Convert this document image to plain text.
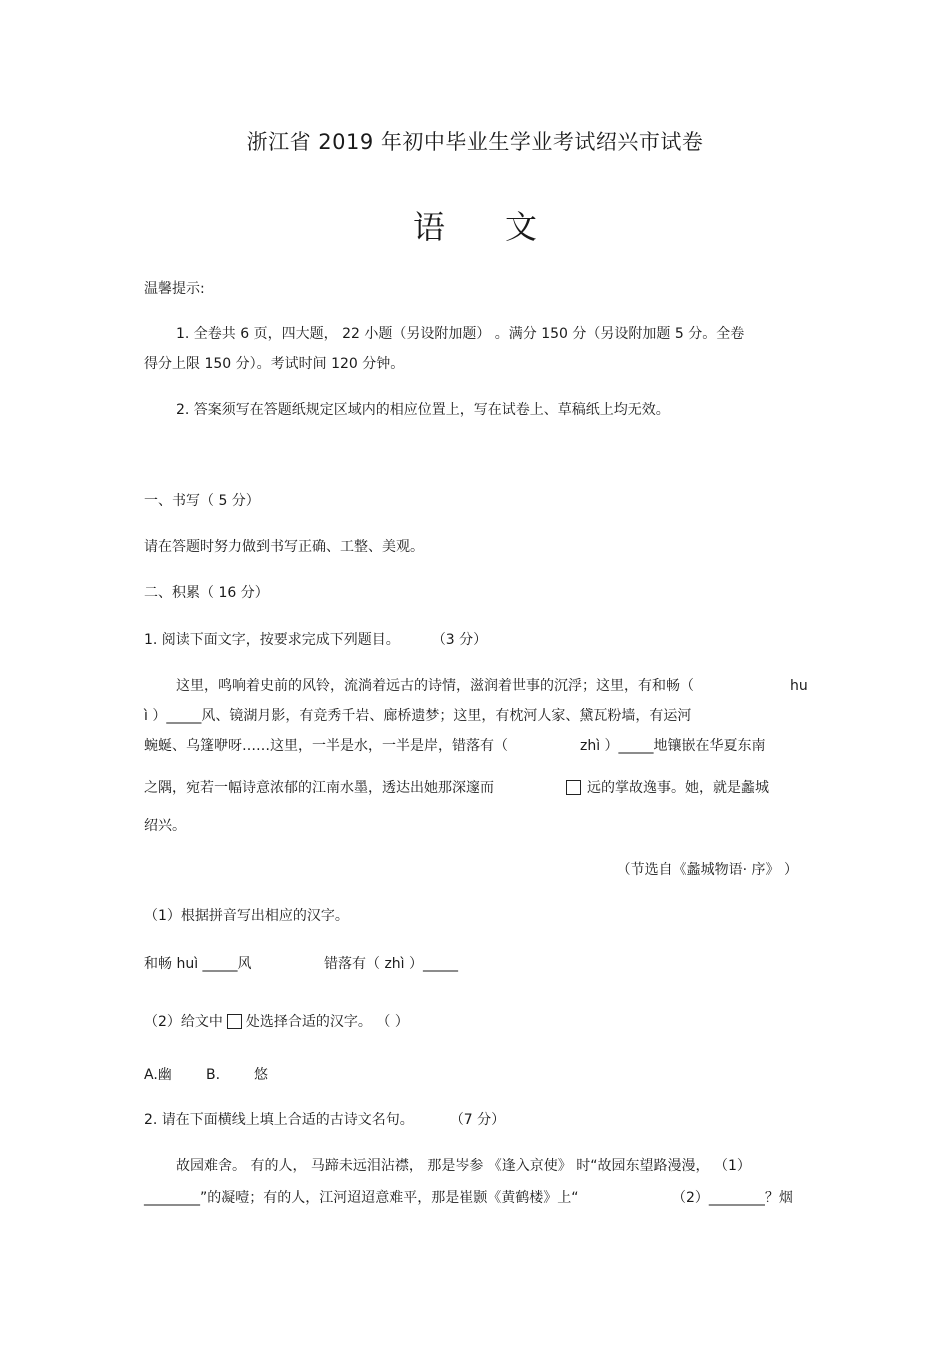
浙江省 2019 年初中毕业生学业考试绍兴市试卷
语 文
温馨提示:
1. 全卷共 6 页，四大题， 22 小题（另设附加题） 。满分 150 分（另设附加题 5 分。全卷
得分上限 150 分）。考试时间 120 分钟。
2. 答案须写在答题纸规定区域内的相应位置上，写在试卷上、草稿纸上均无效。
一、书写（ 5 分）
请在答题时努力做到书写正确、工整、美观。
二、积累（ 16 分）
1. 阅读下面文字，按要求完成下列题目。 （3 分）
这里，鸣响着史前的风铃，流淌着远古的诗情，滋润着世事的沉浮；这里，有和畅（	hu
ì ）_____风、镜湖月影，有竞秀千岩、廊桥遗梦；这里，有枕河人家、黛瓦粉墙，有运河
蜿蜒、乌篷咿呀……这里，一半是水，一半是岸，错落有（	zhì ）_____地镶嵌在华夏东南
之隅，宛若一幅诗意浓郁的江南水墨，透达出她那深邃而	远的掌故逸事。她，就是蠡城
绍兴。
（节选自《蠡城物语· 序》 ）
（1）根据拼音写出相应的汉字。
和畅 huì _____风	错落有（ zhì ）_____
（2）给文中 处选择合适的汉字。 （ ）
A.幽 B. 悠
2. 请在下面横线上填上合适的古诗文名句。	（7 分）
故园难舍。 有的人， 马蹄未远泪沾襟， 那是岑参 《逢入京使》 时“故园东望路漫漫， （1）
________”的凝噎；有的人，江河迢迢意难平，那是崔颢《黄鹤楼》上“	（2）________？烟
